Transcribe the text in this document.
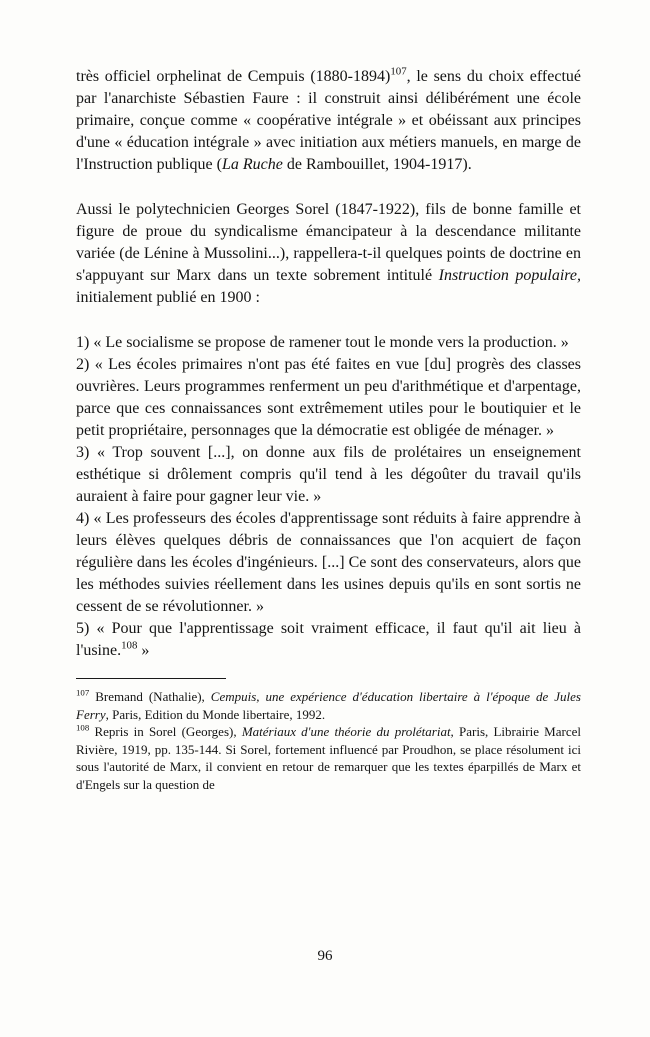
très officiel orphelinat de Cempuis (1880-1894)$^{107}$, le sens du choix effectué par l'anarchiste Sébastien Faure : il construit ainsi délibérément une école primaire, conçue comme « coopérative intégrale » et obéissant aux principes d'une « éducation intégrale » avec initiation aux métiers manuels, en marge de l'Instruction publique (La Ruche de Rambouillet, 1904-1917).

Aussi le polytechnicien Georges Sorel (1847-1922), fils de bonne famille et figure de proue du syndicalisme émancipateur à la descendance militante variée (de Lénine à Mussolini...), rappellera-t-il quelques points de doctrine en s'appuyant sur Marx dans un texte sobrement intitulé Instruction populaire, initialement publié en 1900 :

1) « Le socialisme se propose de ramener tout le monde vers la production. »

2) « Les écoles primaires n'ont pas été faites en vue [du] progrès des classes ouvrières. Leurs programmes renferment un peu d'arithmétique et d'arpentage, parce que ces connaissances sont extrêmement utiles pour le boutiquier et le petit propriétaire, personnages que la démocratie est obligée de ménager. »

3) « Trop souvent [...], on donne aux fils de prolétaires un enseignement esthétique si drôlement compris qu'il tend à les dégoûter du travail qu'ils auraient à faire pour gagner leur vie. »

4) « Les professeurs des écoles d'apprentissage sont réduits à faire apprendre à leurs élèves quelques débris de connaissances que l'on acquiert de façon régulière dans les écoles d'ingénieurs. [...] Ce sont des conservateurs, alors que les méthodes suivies réellement dans les usines depuis qu'ils en sont sortis ne cessent de se révolutionner. »

5) « Pour que l'apprentissage soit vraiment efficace, il faut qu'il ait lieu à l'usine.$^{108}$ »

$^{107}$ Bremand (Nathalie), Cempuis, une expérience d'éducation libertaire à l'époque de Jules Ferry, Paris, Edition du Monde libertaire, 1992.

$^{108}$ Repris in Sorel (Georges), Matériaux d'une théorie du prolétariat, Paris, Librairie Marcel Rivière, 1919, pp. 135-144. Si Sorel, fortement influencé par Proudhon, se place résolument ici sous l'autorité de Marx, il convient en retour de remarquer que les textes éparpillés de Marx et d'Engels sur la question de

96
